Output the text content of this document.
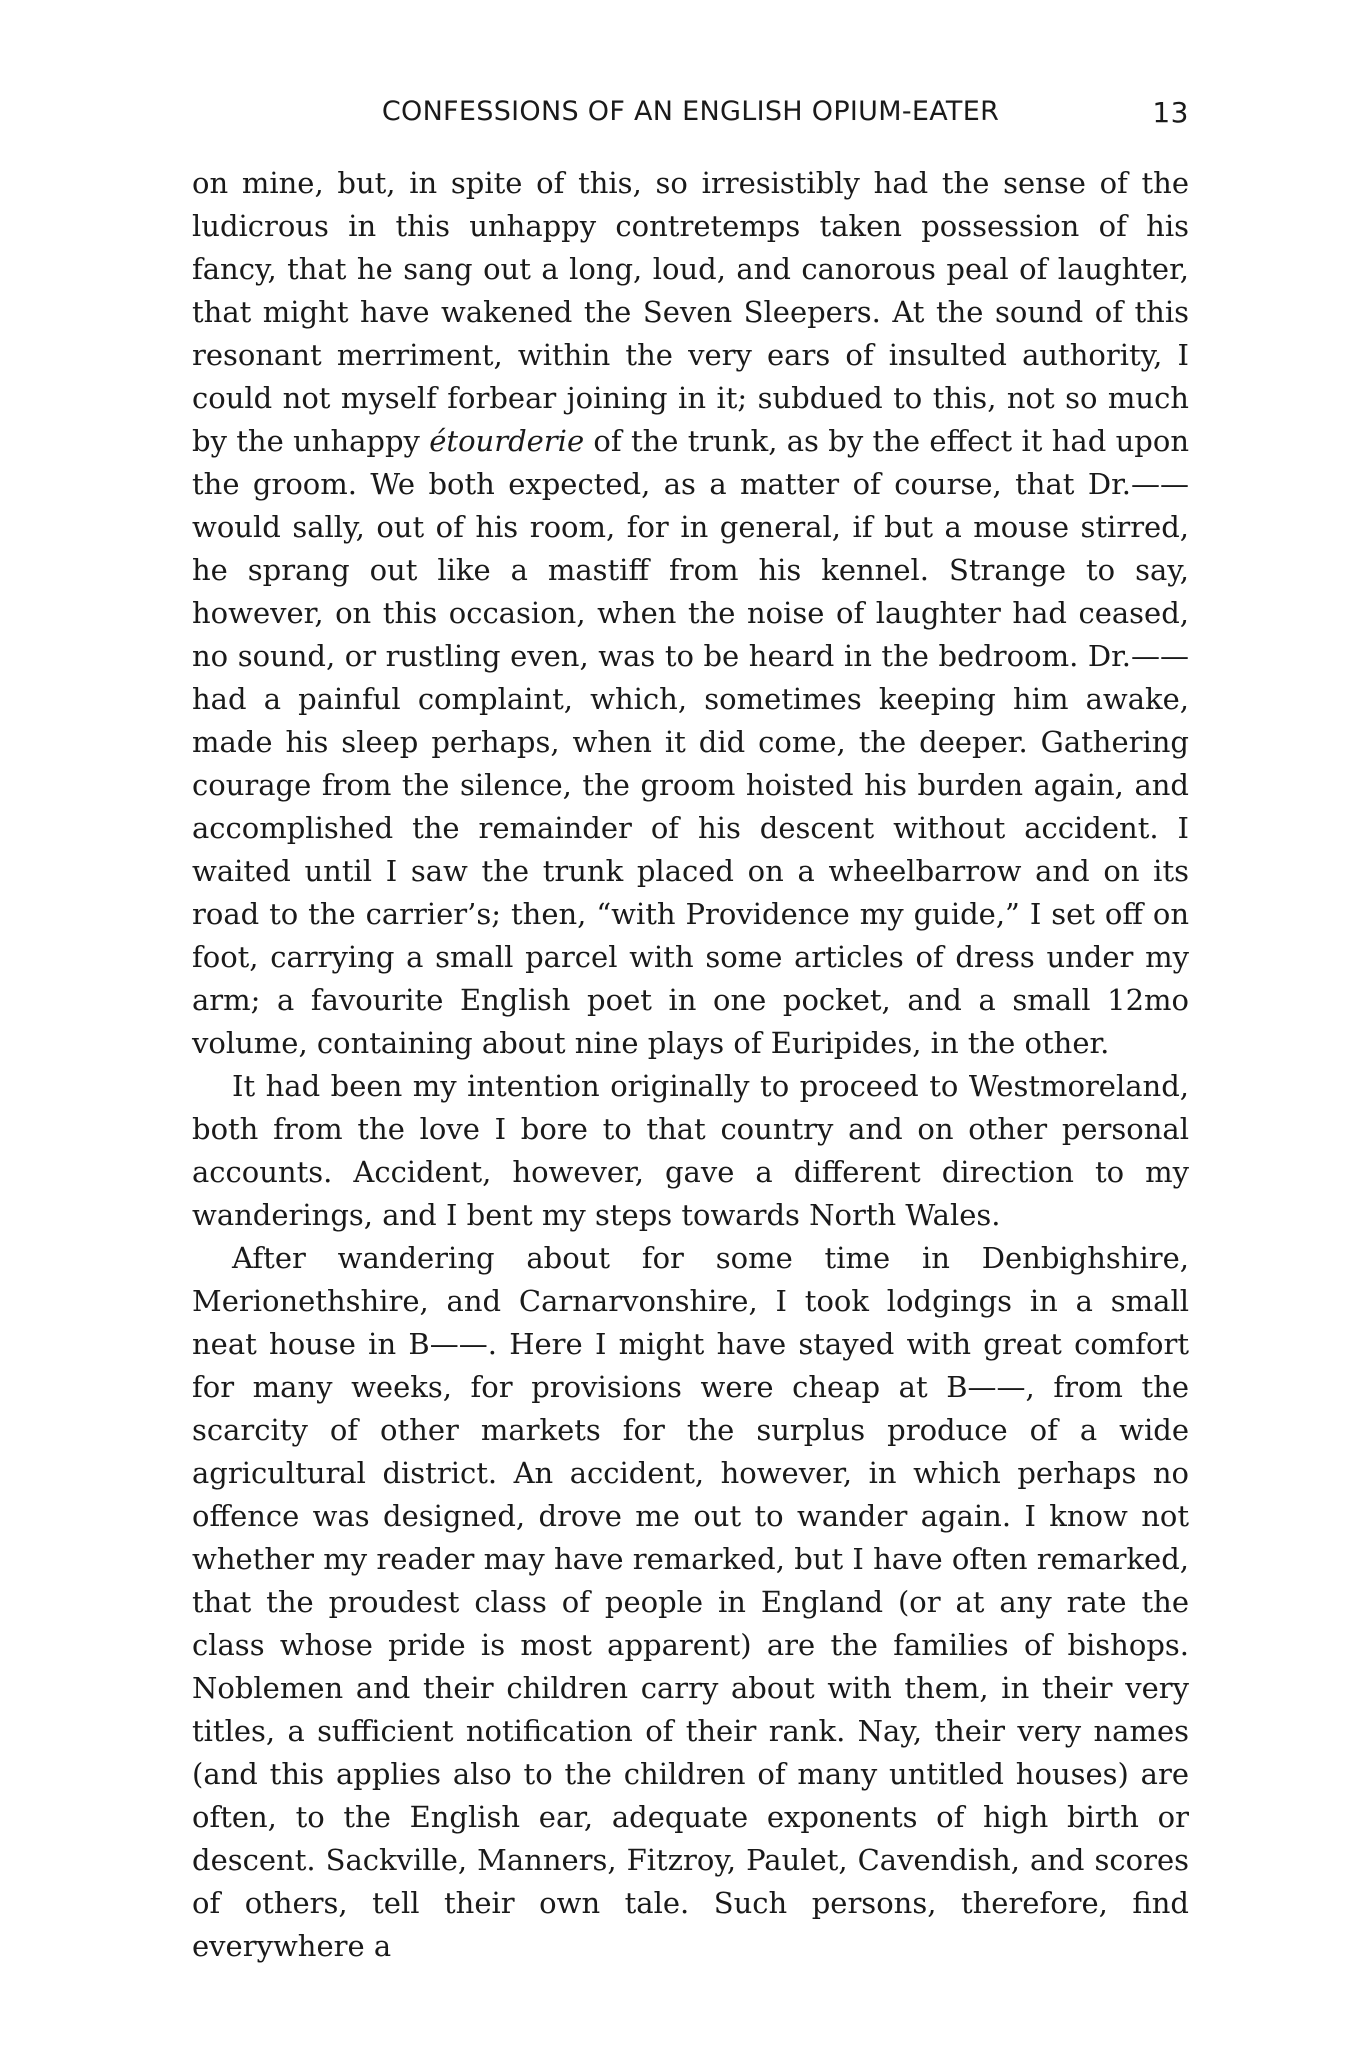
CONFESSIONS OF AN ENGLISH OPIUM-EATER	13

on mine, but, in spite of this, so irresistibly had the sense of the ludicrous in this unhappy contretemps taken possession of his fancy, that he sang out a long, loud, and canorous peal of laughter, that might have wakened the Seven Sleepers. At the sound of this resonant merriment, within the very ears of insulted authority, I could not myself forbear joining in it; subdued to this, not so much by the unhappy étourderie of the trunk, as by the effect it had upon the groom. We both expected, as a matter of course, that Dr.——would sally, out of his room, for in general, if but a mouse stirred, he sprang out like a mastiff from his kennel. Strange to say, however, on this occasion, when the noise of laughter had ceased, no sound, or rustling even, was to be heard in the bedroom. Dr.——had a painful complaint, which, sometimes keeping him awake, made his sleep perhaps, when it did come, the deeper. Gathering courage from the silence, the groom hoisted his burden again, and accomplished the remainder of his descent without accident. I waited until I saw the trunk placed on a wheelbarrow and on its road to the carrier’s; then, “with Providence my guide,” I set off on foot, carrying a small parcel with some articles of dress under my arm; a favourite English poet in one pocket, and a small 12mo volume, containing about nine plays of Euripides, in the other.

It had been my intention originally to proceed to Westmoreland, both from the love I bore to that country and on other personal accounts. Accident, however, gave a different direction to my wanderings, and I bent my steps towards North Wales.

After wandering about for some time in Denbighshire, Merionethshire, and Carnarvonshire, I took lodgings in a small neat house in B——. Here I might have stayed with great comfort for many weeks, for provisions were cheap at B——, from the scarcity of other markets for the surplus produce of a wide agricultural district. An accident, however, in which perhaps no offence was designed, drove me out to wander again. I know not whether my reader may have remarked, but I have often remarked, that the proudest class of people in England (or at any rate the class whose pride is most apparent) are the families of bishops. Noblemen and their children carry about with them, in their very titles, a sufficient notification of their rank. Nay, their very names (and this applies also to the children of many untitled houses) are often, to the English ear, adequate exponents of high birth or descent. Sackville, Manners, Fitzroy, Paulet, Cavendish, and scores of others, tell their own tale. Such persons, therefore, find everywhere a
